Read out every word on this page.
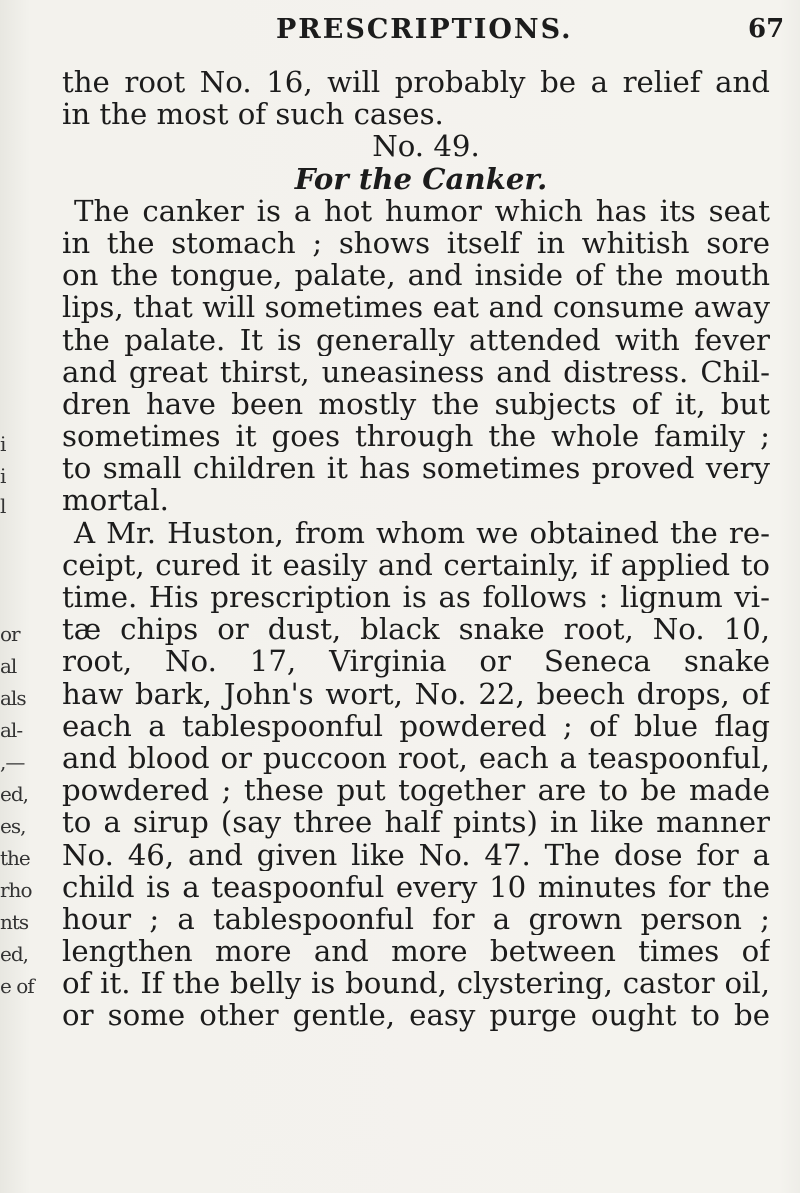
i
i
l
or
al
als
al-
,—
ed,
es,
the
rho
nts
ed,
e of
PRESCRIPTIONS.	67
the root No. 16, will probably be a relief and
in the most of such cases.
No. 49.
For the Canker.
The canker is a hot humor which has its seat
in the stomach ; shows itself in whitish sore
on the tongue, palate, and inside of the mouth
lips, that will sometimes eat and consume away
the palate. It is generally attended with fever
and great thirst, uneasiness and distress. Chil-
dren have been mostly the subjects of it, but
sometimes it goes through the whole family ;
to small children it has sometimes proved very
mortal.
A Mr. Huston, from whom we obtained the re-
ceipt, cured it easily and certainly, if applied to
time. His prescription is as follows : lignum vi-
tæ chips or dust, black snake root, No. 10,
root, No. 17, Virginia or Seneca snake
haw bark, John's wort, No. 22, beech drops, of
each a tablespoonful powdered ; of blue flag
and blood or puccoon root, each a teaspoonful,
powdered ; these put together are to be made
to a sirup (say three half pints) in like manner
No. 46, and given like No. 47. The dose for a
child is a teaspoonful every 10 minutes for the
hour ; a tablespoonful for a grown person ;
lengthen more and more between times of
of it. If the belly is bound, clystering, castor oil,
or some other gentle, easy purge ought to be
